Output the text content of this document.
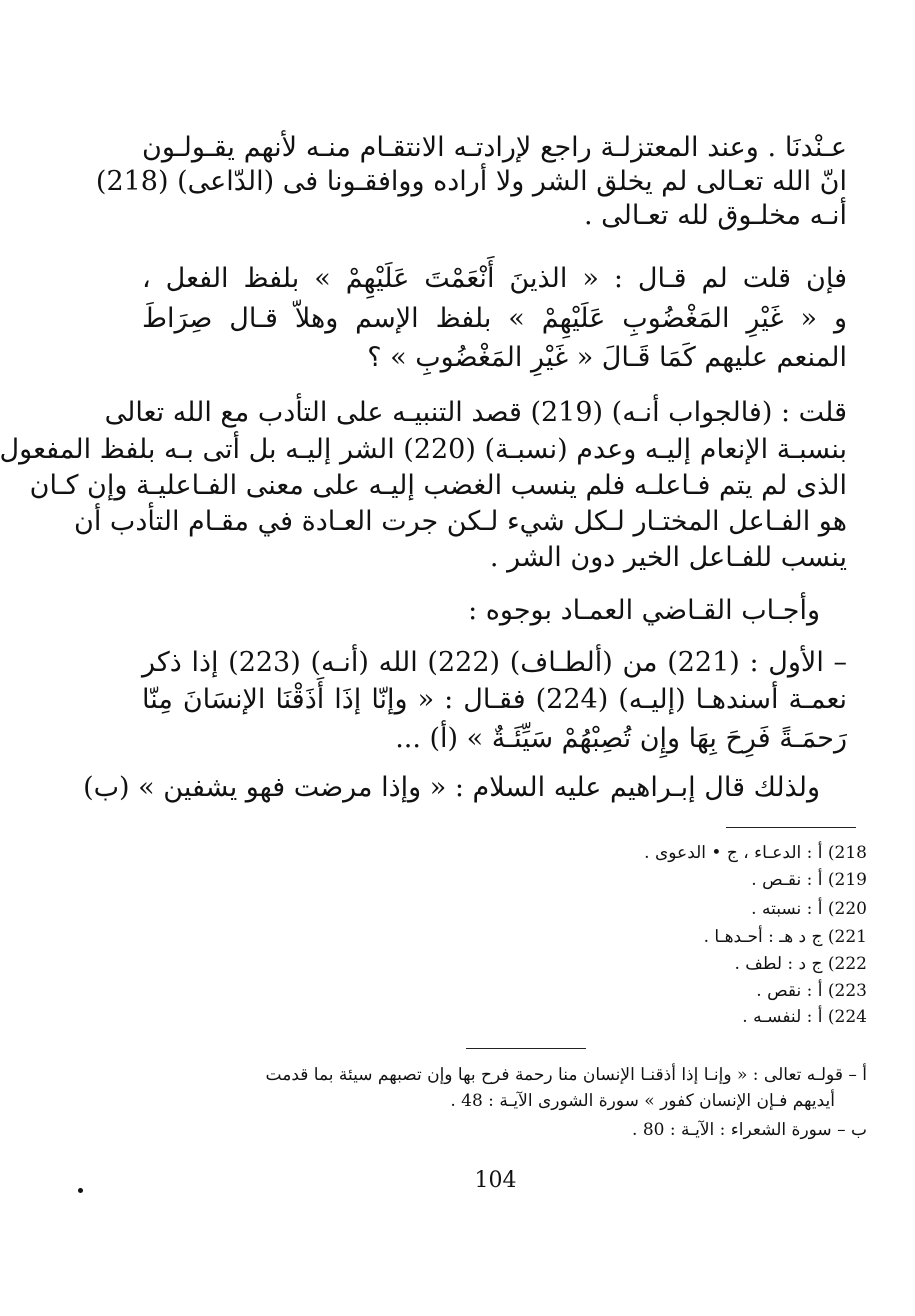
عـنْدنَا . وعند المعتزلـة راجع لإرادتـه الانتقـام منـه لأنهم يقـولـون
انّ الله تعـالى لم يخلق الشر ولا أراده ووافقـونا فى (الدّاعى) (218)
أنـه مخلـوق لله تعـالى .
فإن قلت لم قـال : « الذينَ أَنْعَمْتَ عَلَيْهِمْ » بلفظ الفعل ،
و « غَيْرِ المَغْضُوبِ عَلَيْهِمْ » بلفظ الإسم وهلاّ قـال صِرَاطَ
المنعم عليهم كَمَا قَـالَ « غَيْرِ المَغْضُوبِ » ؟
قلت : (فالجواب أنـه) (219) قصد التنبيـه على التأدب مع الله تعالى
بنسبـة الإنعام إليـه وعدم (نسبـة) (220) الشر إليـه بل أتى بـه بلفظ المفعول
الذى لم يتم فـاعلـه فلم ينسب الغضب إليـه على معنى الفـاعليـة وإن كـان
هو الفـاعل المختـار لـكل شيء لـكن جرت العـادة في مقـام التأدب أن
ينسب للفـاعل الخير دون الشر .
وأجـاب القـاضي العمـاد بوجوه :
– الأول : (221) من (ألطـاف) (222) الله (أنـه) (223) إذا ذكر
نعمـة أسندهـا (إليـه) (224) فقـال : « وإنّا إذَا أَذَقْنَا الإنسَانَ مِنّا
رَحمَـةً فَرِحَ بِهَا وإِن تُصِبْهُمْ سَيِّئَـةٌ » (أ) ...
ولذلك قال إبـراهيم عليه السلام : « وإذا مرضت فهو يشفين » (ب)
218) أ : الدعـاء ، ج • الدعوى .
219) أ : نقـص .
220) أ : نسبته .
221) ج د هـ : أحـدهـا .
222) ج د : لطف .
223) أ : نقص .
224) أ : لنفسـه .
أ – قولـه تعالى : « وإنـا إذا أذقنـا الإنسان منا رحمة فرح بها وإن تصبهم سيئة بما قدمت
أيديهم فـإن الإنسان كفور » سورة الشورى الآيـة : 48 .
ب – سورة الشعراء : الآيـة : 80 .
104
